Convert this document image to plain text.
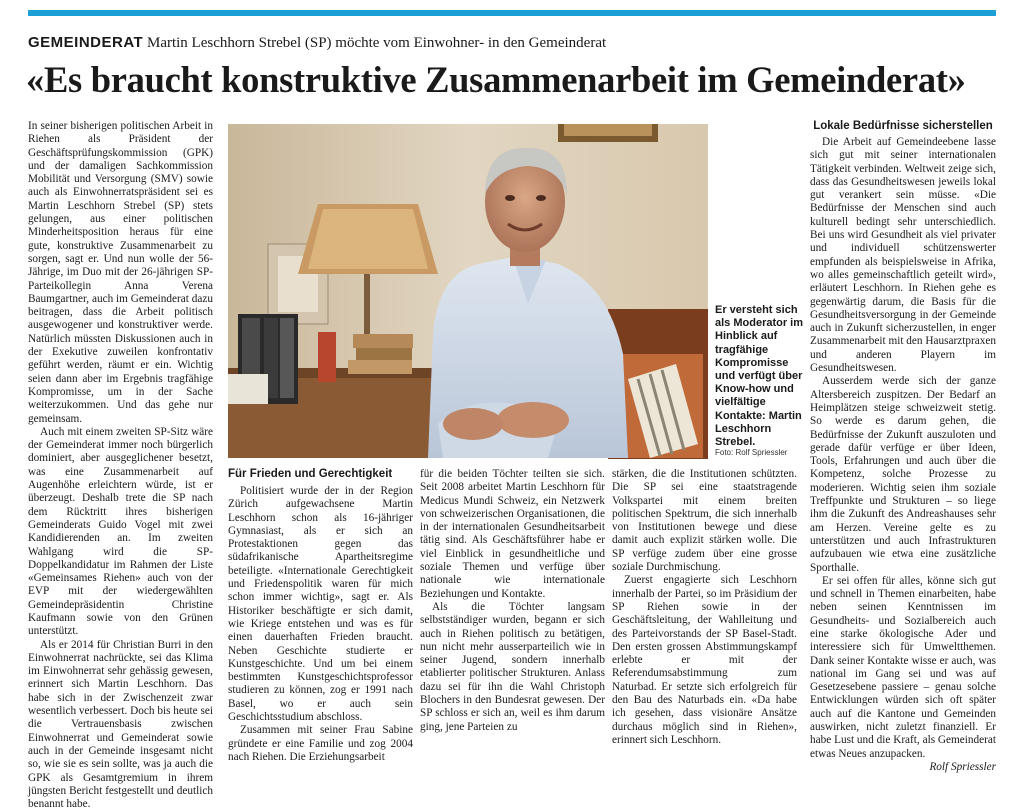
GEMEINDERAT Martin Leschhorn Strebel (SP) möchte vom Einwohner- in den Gemeinderat
«Es braucht konstruktive Zusammenarbeit im Gemeinderat»

In seiner bisherigen politischen Arbeit in Riehen als Präsident der Geschäftsprüfungskommission (GPK) und der damaligen Sachkommission Mobilität und Versorgung (SMV) sowie auch als Einwohnerratspräsident sei es Martin Leschhorn Strebel (SP) stets gelungen, aus einer politischen Minderheitsposition heraus für eine gute, konstruktive Zusammenarbeit zu sorgen, sagt er. Und nun wolle der 56-Jährige, im Duo mit der 26-jährigen SP-Parteikollegin Anna Verena Baumgartner, auch im Gemeinderat dazu beitragen, dass die Arbeit politisch ausgewogener und konstruktiver werde. Natürlich müssten Diskussionen auch in der Exekutive zuweilen konfrontativ geführt werden, räumt er ein. Wichtig seien dann aber im Ergebnis tragfähige Kompromisse, um in der Sache weiterzukommen. Und das gehe nur gemeinsam.

Auch mit einem zweiten SP-Sitz wäre der Gemeinderat immer noch bürgerlich dominiert, aber ausgeglichener besetzt, was eine Zusammenarbeit auf Augenhöhe erleichtern würde, ist er überzeugt. Deshalb trete die SP nach dem Rücktritt ihres bisherigen Gemeinderats Guido Vogel mit zwei Kandidierenden an. Im zweiten Wahlgang wird die SP-Doppelkandidatur im Rahmen der Liste «Gemeinsames Riehen» auch von der EVP mit der wiedergewählten Gemeindepräsidentin Christine Kaufmann sowie von den Grünen unterstützt.

Als er 2014 für Christian Burri in den Einwohnerrat nachrückte, sei das Klima im Einwohnerrat sehr gehässig gewesen, erinnert sich Martin Leschhorn. Das habe sich in der Zwischenzeit zwar wesentlich verbessert. Doch bis heute sei die Vertrauensbasis zwischen Einwohnerrat und Gemeinderat sowie auch in der Gemeinde insgesamt nicht so, wie sie es sein sollte, was ja auch die GPK als Gesamtgremium in ihrem jüngsten Bericht festgestellt und deutlich benannt habe.

Er versteht sich als Moderator im Hinblick auf tragfähige Kompromisse und verfügt über Know-how und vielfältige Kontakte: Martin Leschhorn Strebel.
Foto: Rolf Spriessler
Für Frieden und Gerechtigkeit

Politisiert wurde der in der Region Zürich aufgewachsene Martin Leschhorn schon als 16-jähriger Gymnasiast, als er sich an Protestaktionen gegen das südafrikanische Apartheitsregime beteiligte. «Internationale Gerechtigkeit und Friedenspolitik waren für mich schon immer wichtig», sagt er. Als Historiker beschäftigte er sich damit, wie Kriege entstehen und was es für einen dauerhaften Frieden braucht. Neben Geschichte studierte er Kunstgeschichte. Und um bei einem bestimmten Kunstgeschichtsprofessor studieren zu können, zog er 1991 nach Basel, wo er auch sein Geschichtsstudium abschloss.

Zusammen mit seiner Frau Sabine gründete er eine Familie und zog 2004 nach Riehen. Die Erziehungsarbeit

für die beiden Töchter teilten sie sich. Seit 2008 arbeitet Martin Leschhorn für Medicus Mundi Schweiz, ein Netzwerk von schweizerischen Organisationen, die in der internationalen Gesundheitsarbeit tätig sind. Als Geschäftsführer habe er viel Einblick in gesundheitliche und soziale Themen und verfüge über nationale wie internationale Beziehungen und Kontakte.

Als die Töchter langsam selbstständiger wurden, begann er sich auch in Riehen politisch zu betätigen, nun nicht mehr ausserparteilich wie in seiner Jugend, sondern innerhalb etablierter politischer Strukturen. Anlass dazu sei für ihn die Wahl Christoph Blochers in den Bundesrat gewesen. Der SP schloss er sich an, weil es ihm darum ging, jene Parteien zu

stärken, die die Institutionen schützten. Die SP sei eine staatstragende Volkspartei mit einem breiten politischen Spektrum, die sich innerhalb von Institutionen bewege und diese damit auch explizit stärken wolle. Die SP verfüge zudem über eine grosse soziale Durchmischung.

Zuerst engagierte sich Leschhorn innerhalb der Partei, so im Präsidium der SP Riehen sowie in der Geschäftsleitung, der Wahlleitung und des Parteivorstands der SP Basel-Stadt. Den ersten grossen Abstimmungskampf erlebte er mit der Referendumsabstimmung zum Naturbad. Er setzte sich erfolgreich für den Bau des Naturbads ein. «Da habe ich gesehen, dass visionäre Ansätze durchaus möglich sind in Riehen», erinnert sich Leschhorn.

Lokale Bedürfnisse sicherstellen

Die Arbeit auf Gemeindeebene lasse sich gut mit seiner internationalen Tätigkeit verbinden. Weltweit zeige sich, dass das Gesundheitswesen jeweils lokal gut verankert sein müsse. «Die Bedürfnisse der Menschen sind auch kulturell bedingt sehr unterschiedlich. Bei uns wird Gesundheit als viel privater und individuell schützenswerter empfunden als beispielsweise in Afrika, wo alles gemeinschaftlich geteilt wird», erläutert Leschhorn. In Riehen gehe es gegenwärtig darum, die Basis für die Gesundheitsversorgung in der Gemeinde auch in Zukunft sicherzustellen, in enger Zusammenarbeit mit den Hausarztpraxen und anderen Playern im Gesundheitswesen.

Ausserdem werde sich der ganze Altersbereich zuspitzen. Der Bedarf an Heimplätzen steige schweizweit stetig. So werde es darum gehen, die Bedürfnisse der Zukunft auszuloten und gerade dafür verfüge er über Ideen, Tools, Erfahrungen und auch über die Kompetenz, solche Prozesse zu moderieren. Wichtig seien ihm soziale Treffpunkte und Strukturen – so liege ihm die Zukunft des Andreashauses sehr am Herzen. Vereine gelte es zu unterstützen und auch Infrastrukturen aufzubauen wie etwa eine zusätzliche Sporthalle.

Er sei offen für alles, könne sich gut und schnell in Themen einarbeiten, habe neben seinen Kenntnissen im Gesundheits- und Sozialbereich auch eine starke ökologische Ader und interessiere sich für Umweltthemen. Dank seiner Kontakte wisse er auch, was national im Gang sei und was auf Gesetzesebene passiere – genau solche Entwicklungen würden sich oft später auch auf die Kantone und Gemeinden auswirken, nicht zuletzt finanziell. Er habe Lust und die Kraft, als Gemeinderat etwas Neues anzupacken.
Rolf Spriessler
